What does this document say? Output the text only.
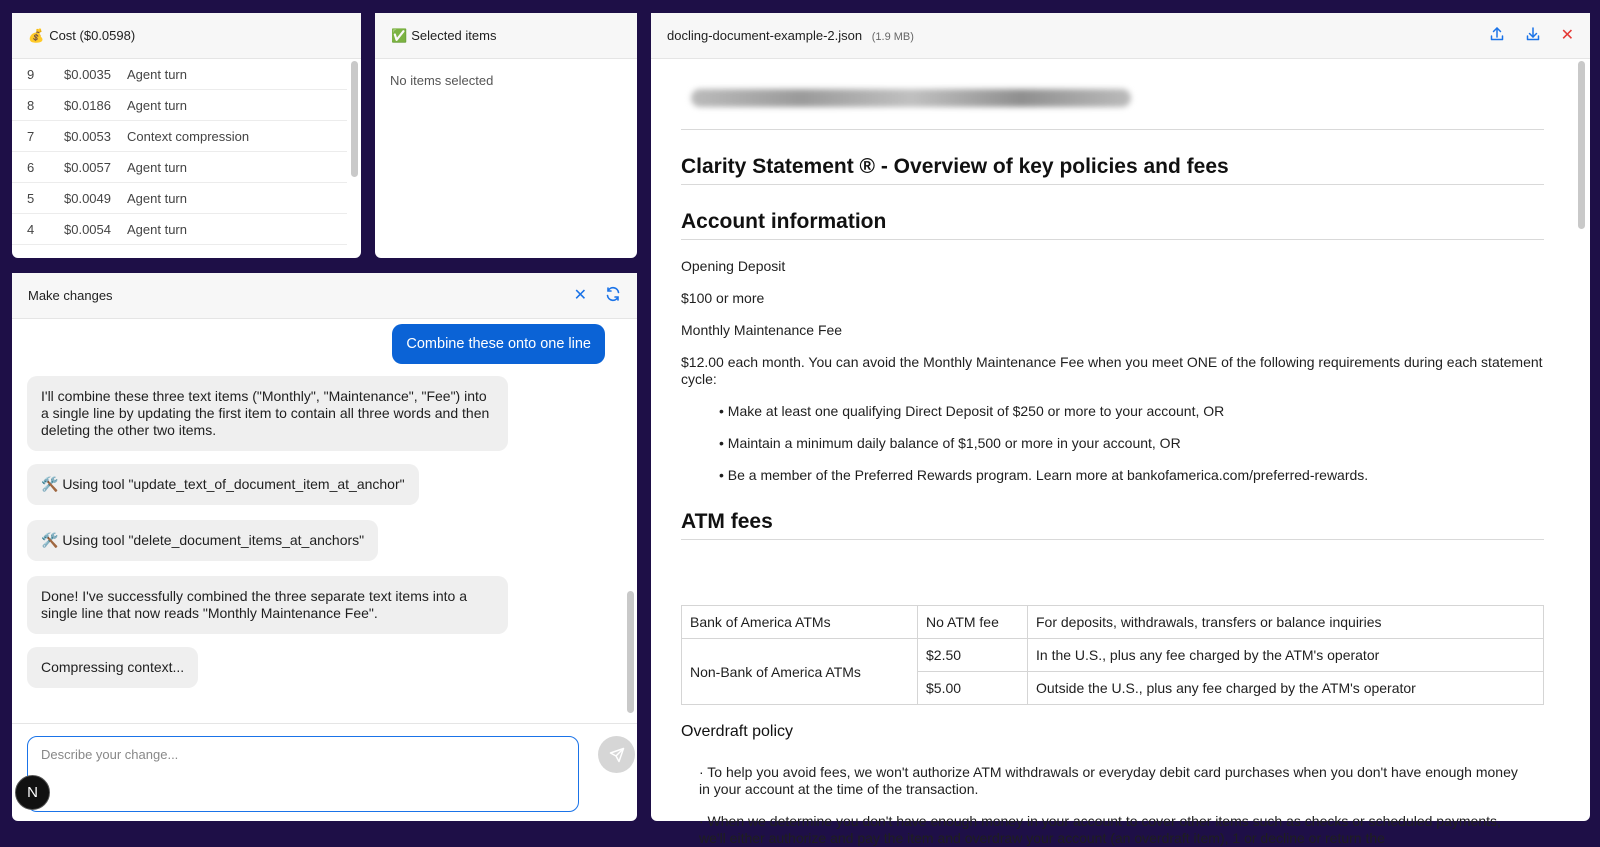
💰 Cost ($0.0598)
9	$0.0035	Agent turn
8	$0.0186	Agent turn
7	$0.0053	Context compression
6	$0.0057	Agent turn
5	$0.0049	Agent turn
4	$0.0054	Agent turn
✅ Selected items
No items selected
Make changes	✕
Combine these onto one line
I'll combine these three text items ("Monthly", "Maintenance", "Fee") into a single line by updating the first item to contain all three words and then deleting the other two items.
🛠️ Using tool "update_text_of_document_item_at_anchor"
🛠️ Using tool "delete_document_items_at_anchors"
Done! I've successfully combined the three separate text items into a single line that now reads "Monthly Maintenance Fee".
Compressing context...
Describe your change...
N
docling-document-example-2.json (1.9 MB)	✕
Clarity Statement ® - Overview of key policies and fees
Account information
Opening Deposit
$100 or more
Monthly Maintenance Fee
$12.00 each month. You can avoid the Monthly Maintenance Fee when you meet ONE of the following requirements during each statement cycle:
• Make at least one qualifying Direct Deposit of $250 or more to your account, OR
• Maintain a minimum daily balance of $1,500 or more in your account, OR
• Be a member of the Preferred Rewards program. Learn more at bankofamerica.com/preferred-rewards.
ATM fees
Bank of America ATMs	No ATM fee	For deposits, withdrawals, transfers or balance inquiries
Non-Bank of America ATMs	$2.50	In the U.S., plus any fee charged by the ATM's operator
	$5.00	Outside the U.S., plus any fee charged by the ATM's operator
Overdraft policy
· To help you avoid fees, we won't authorize ATM withdrawals or everyday debit card purchases when you don't have enough money in your account at the time of the transaction.
· When we determine you don't have enough money in your account to cover other items such as checks or scheduled payments, we'll either authorize and pay the item and overdraw your account (an overdraft item), 1 or decline or return the
